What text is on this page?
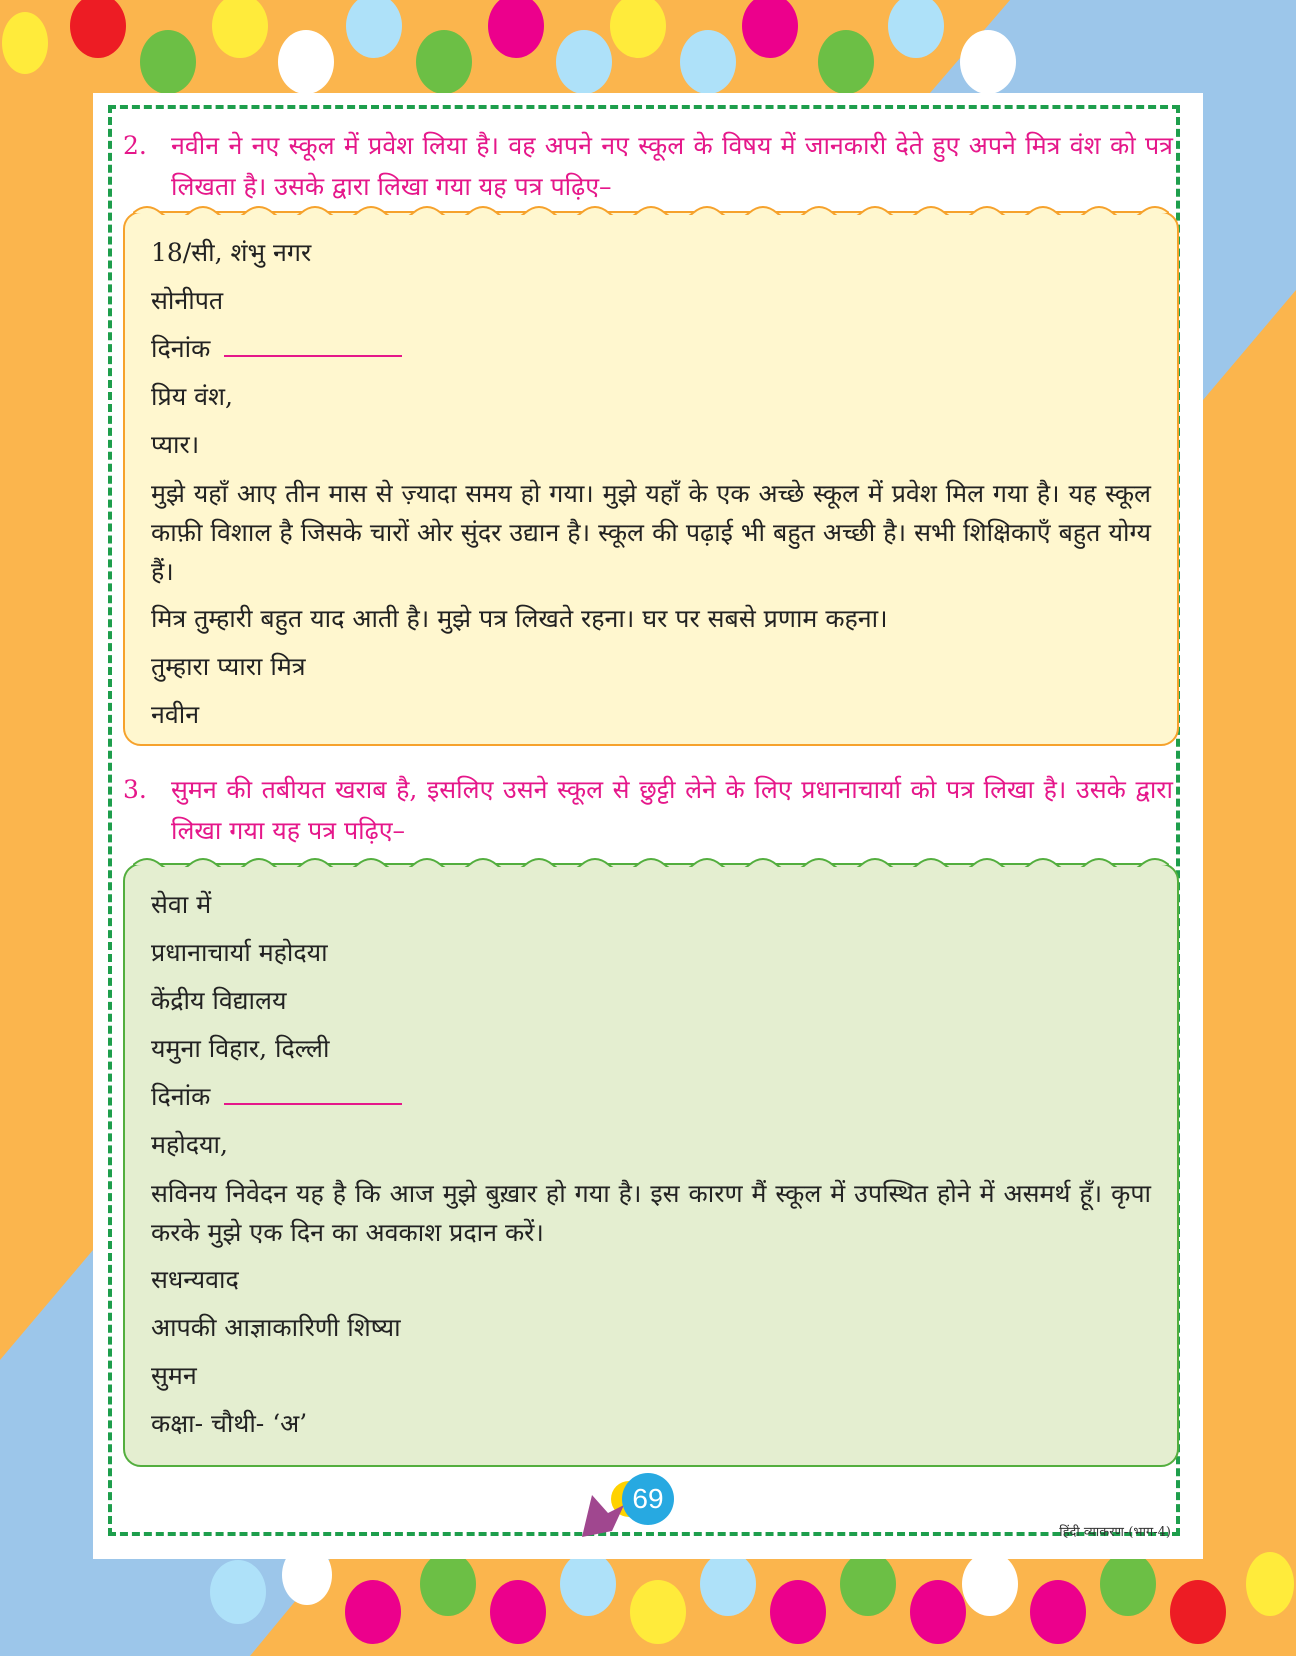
2. नवीन ने नए स्कूल में प्रवेश लिया है। वह अपने नए स्कूल के विषय में जानकारी देते हुए अपने मित्र वंश को पत्र लिखता है। उसके द्वारा लिखा गया यह पत्र पढ़िए–
18/सी, शंभु नगर
सोनीपत
दिनांक
प्रिय वंश,
प्यार।
मुझे यहाँ आए तीन मास से ज़्यादा समय हो गया। मुझे यहाँ के एक अच्छे स्कूल में प्रवेश मिल गया है। यह स्कूल काफ़ी विशाल है जिसके चारों ओर सुंदर उद्यान है। स्कूल की पढ़ाई भी बहुत अच्छी है। सभी शिक्षिकाएँ बहुत योग्य हैं।
मित्र तुम्हारी बहुत याद आती है। मुझे पत्र लिखते रहना। घर पर सबसे प्रणाम कहना।
तुम्हारा प्यारा मित्र
नवीन
3. सुमन की तबीयत खराब है, इसलिए उसने स्कूल से छुट्टी लेने के लिए प्रधानाचार्या को पत्र लिखा है। उसके द्वारा लिखा गया यह पत्र पढ़िए–
सेवा में
प्रधानाचार्या महोदया
केंद्रीय विद्यालय
यमुना विहार, दिल्ली
दिनांक
महोदया,
सविनय निवेदन यह है कि आज मुझे बुख़ार हो गया है। इस कारण मैं स्कूल में उपस्थित होने में असमर्थ हूँ। कृपा करके मुझे एक दिन का अवकाश प्रदान करें।
सधन्यवाद
आपकी आज्ञाकारिणी शिष्या
सुमन
कक्षा- चौथी- ‘अ’
69
हिंदी व्याकरण-(भाग-4)
